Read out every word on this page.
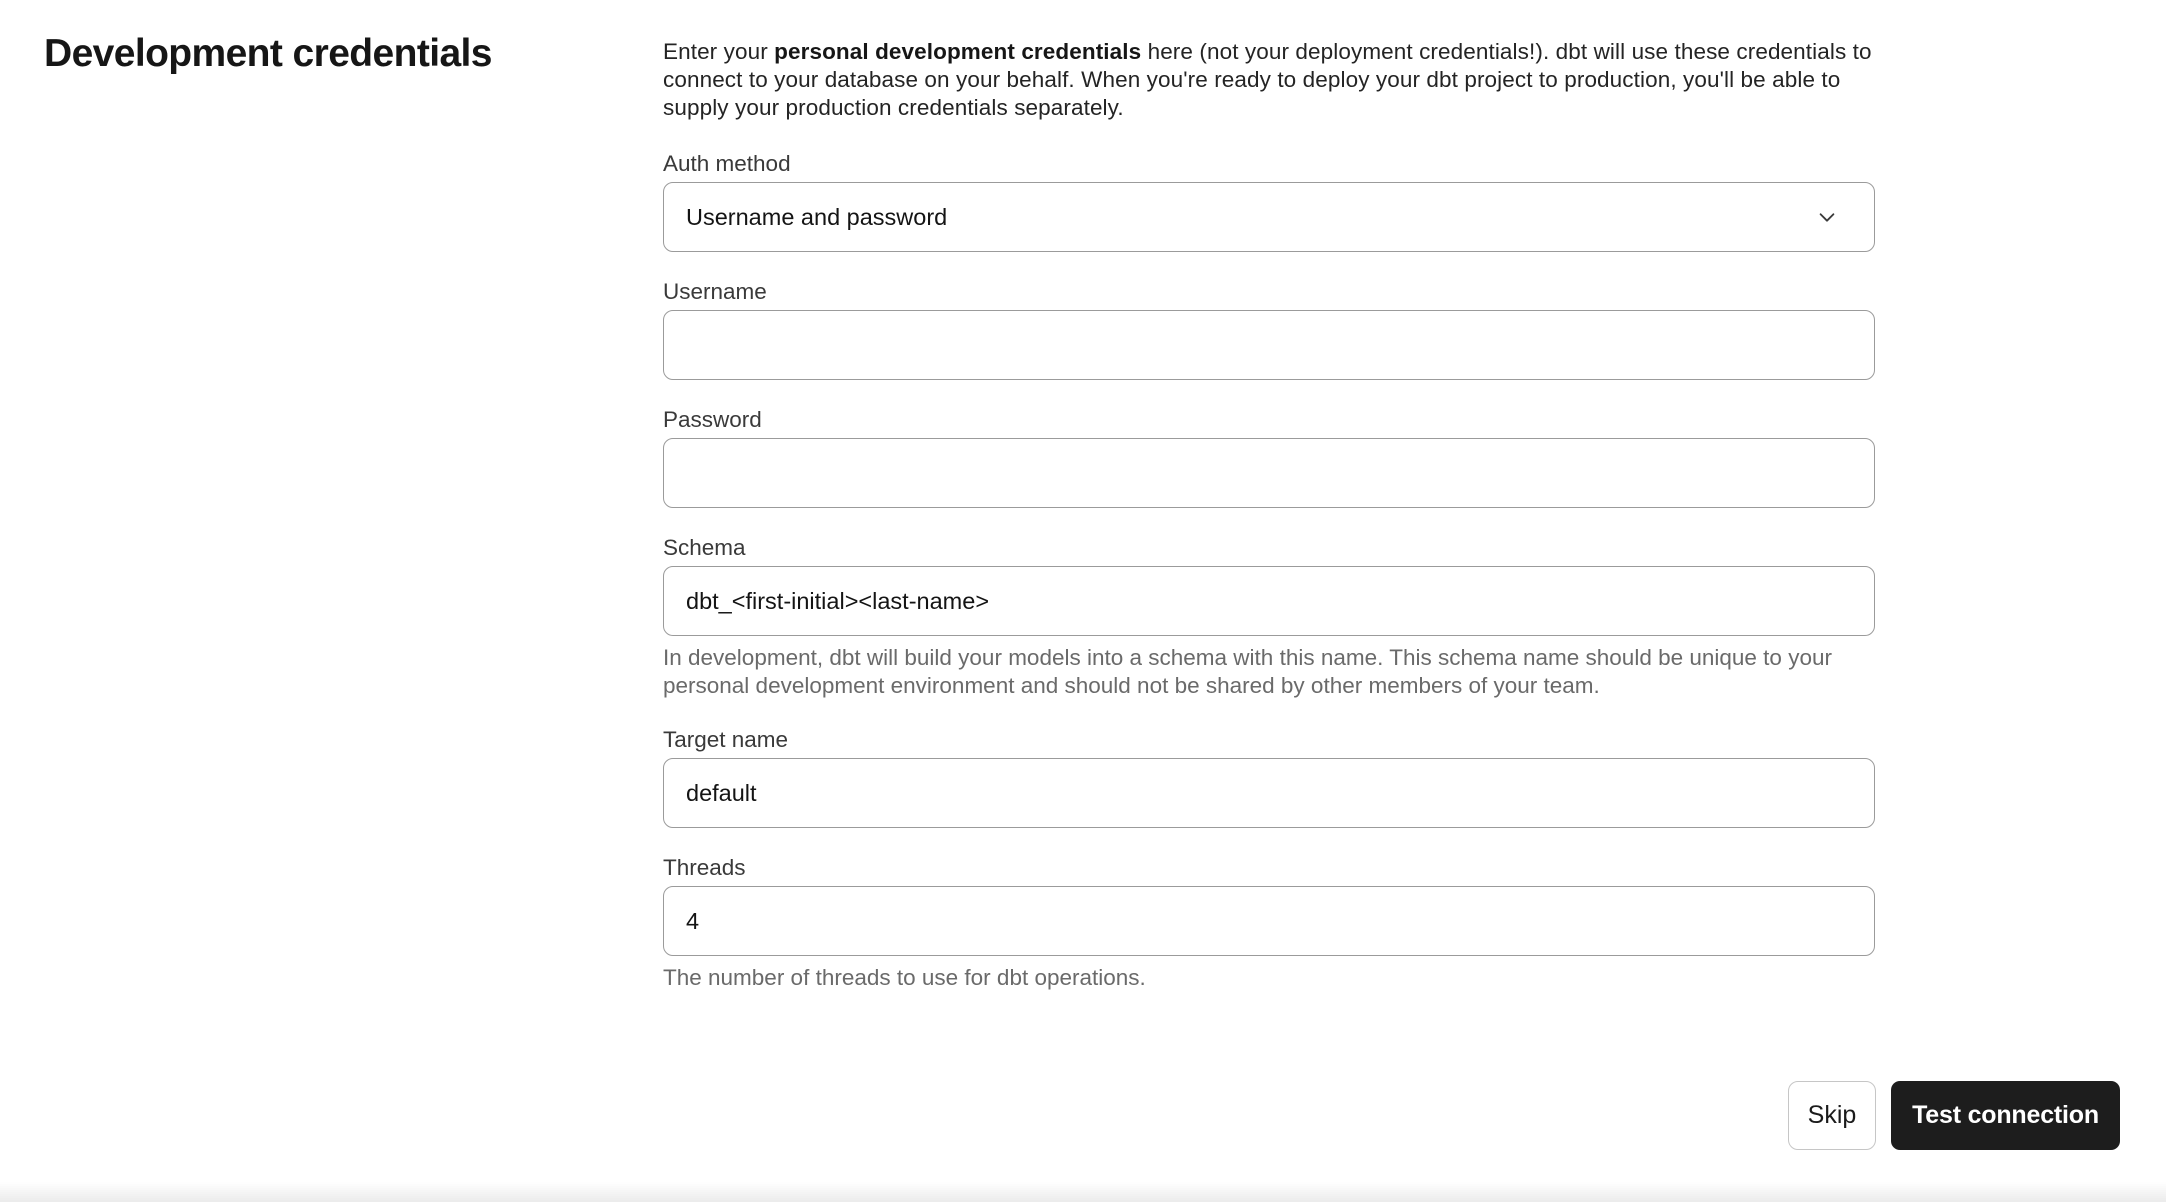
Development credentials	Enter your personal development credentials here (not your deployment credentials!). dbt will use these credentials to connect to your database on your behalf. When you're ready to deploy your dbt project to production, you'll be able to supply your production credentials separately.

Auth method
Username and password
Username
Password
Schema
dbt_<first-initial><last-name>
In development, dbt will build your models into a schema with this name. This schema name should be unique to your personal development environment and should not be shared by other members of your team.
Target name
default
Threads
4
The number of threads to use for dbt operations.
Skip	Test connection
